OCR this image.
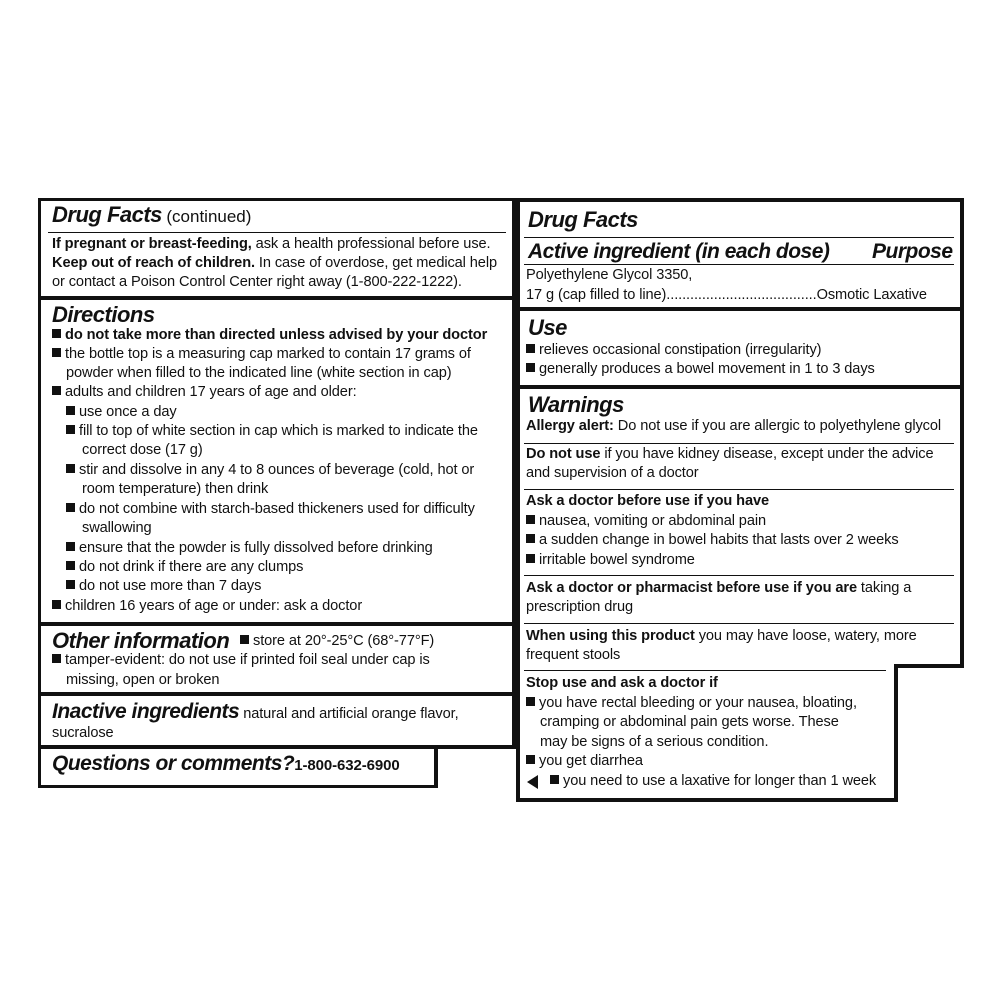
Drug Facts (continued)
If pregnant or breast-feeding, ask a health professional before use.
Keep out of reach of children. In case of overdose, get medical help
or contact a Poison Control Center right away (1-800-222-1222).
Directions
do not take more than directed unless advised by your doctor
the bottle top is a measuring cap marked to contain 17 grams of
powder when filled to the indicated line (white section in cap)
adults and children 17 years of age and older:
use once a day
fill to top of white section in cap which is marked to indicate the
correct dose (17 g)
stir and dissolve in any 4 to 8 ounces of beverage (cold, hot or
room temperature) then drink
do not combine with starch-based thickeners used for difficulty
swallowing
ensure that the powder is fully dissolved before drinking
do not drink if there are any clumps
do not use more than 7 days
children 16 years of age or under: ask a doctor
Other information	store at 20°-25°C (68°-77°F)
tamper-evident: do not use if printed foil seal under cap is
missing, open or broken
Inactive ingredients natural and artificial orange flavor,
sucralose
Questions or comments?1-800-632-6900
Drug Facts
Active ingredient (in each dose) Purpose
Polyethylene Glycol 3350,
17 g (cap filled to line)......................................Osmotic Laxative
Use
relieves occasional constipation (irregularity)
generally produces a bowel movement in 1 to 3 days
Warnings
Allergy alert: Do not use if you are allergic to polyethylene glycol
Do not use if you have kidney disease, except under the advice
and supervision of a doctor
Ask a doctor before use if you have
nausea, vomiting or abdominal pain
a sudden change in bowel habits that lasts over 2 weeks
irritable bowel syndrome
Ask a doctor or pharmacist before use if you are taking a
prescription drug
When using this product you may have loose, watery, more
frequent stools
Stop use and ask a doctor if
you have rectal bleeding or your nausea, bloating,
cramping or abdominal pain gets worse. These
may be signs of a serious condition.
you get diarrhea
you need to use a laxative for longer than 1 week
